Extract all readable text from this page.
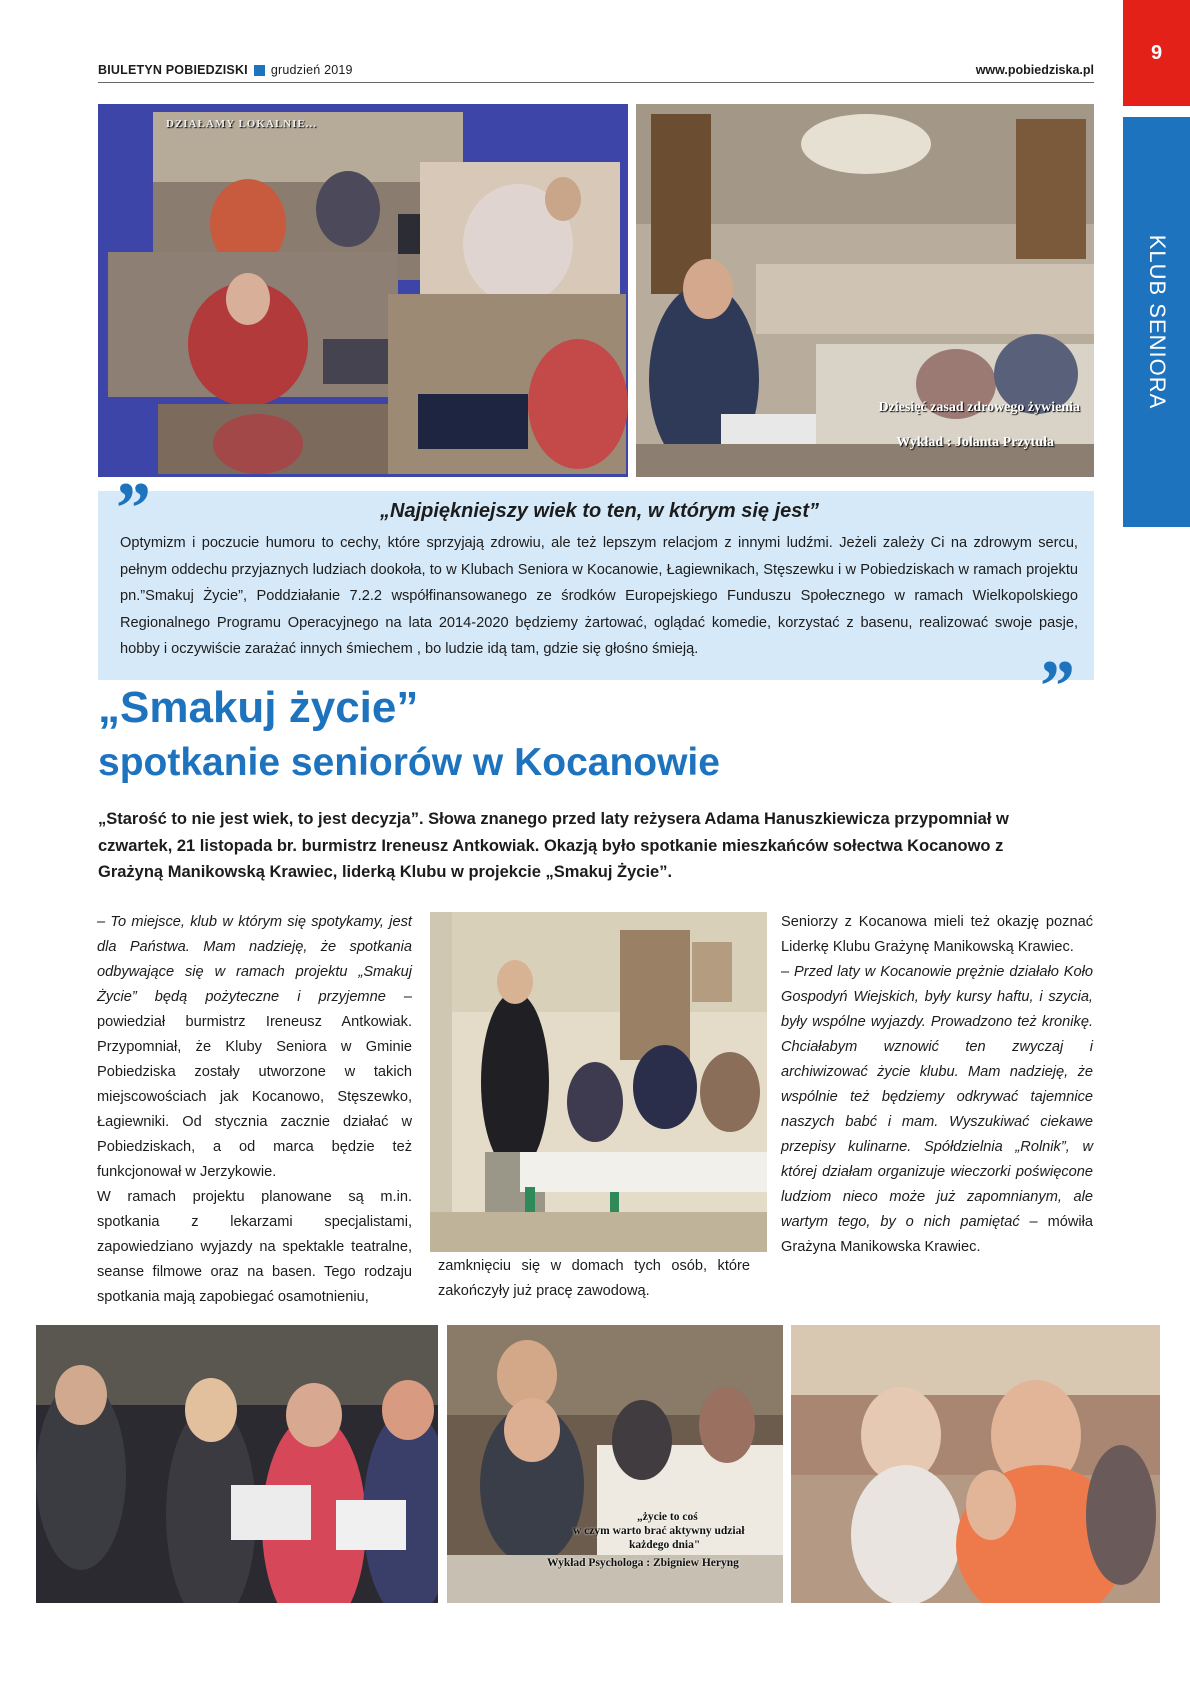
BIULETYN POBIEDZISKI grudzień 2019	www.pobiedziska.pl
9
KLUB SENIORA
DZIAŁAMY LOKALNIE...
Dziesięć zasad zdrowego żywienia
Wykład : Jolanta Przytuła
”
”
„Najpiękniejszy wiek to ten, w którym się jest”
Optymizm i poczucie humoru to cechy, które sprzyjają zdrowiu, ale też lepszym relacjom z innymi ludźmi. Jeżeli zależy Ci na zdrowym sercu, pełnym oddechu przyjaznych ludziach dookoła, to w Klubach Seniora w Kocanowie, Łagiewnikach, Stęszewku i w Pobiedziskach w ramach projektu pn.”Smakuj Życie”, Poddziałanie 7.2.2 współfinansowanego ze środków Europejskiego Funduszu Społecznego w ramach Wielkopolskiego Regionalnego Programu Operacyjnego na lata 2014-2020 będziemy żartować, oglądać komedie, korzystać z basenu, realizować swoje pasje, hobby i oczywiście zarażać innych śmiechem , bo ludzie idą tam, gdzie się głośno śmieją.
„Smakuj życie”
spotkanie seniorów w Kocanowie
„Starość to nie jest wiek, to jest decyzja”. Słowa znanego przed laty reżysera Adama Hanuszkiewicza przypomniał w czwartek, 21 listopada br. burmistrz Ireneusz Antkowiak. Okazją było spotkanie mieszkańców sołectwa Kocanowo z Grażyną Manikowską Krawiec, liderką Klubu w projekcie „Smakuj Życie”.

– To miejsce, klub w którym się spotykamy, jest dla Państwa. Mam nadzieję, że spotkania odbywające się w ramach projektu „Smakuj Życie” będą pożyteczne i przyjemne – powiedział burmistrz Ireneusz Antkowiak. Przypomniał, że Kluby Seniora w Gminie Pobiedziska zostały utworzone w takich miejscowościach jak Kocanowo, Stęszewko, Łagiewniki. Od stycznia zacznie działać w Pobiedziskach, a od marca będzie też funkcjonował w Jerzykowie.

W ramach projektu planowane są m.in. spotkania z lekarzami specjalistami, zapowiedziano wyjazdy na spektakle teatralne, seanse filmowe oraz na basen. Tego rodzaju spotkania mają zapobiegać osamotnieniu,

zamknięciu się w domach tych osób, które zakończyły już pracę zawodową.

Seniorzy z Kocanowa mieli też okazję poznać Liderkę Klubu Grażynę Manikowską Krawiec.

– Przed laty w Kocanowie prężnie działało Koło Gospodyń Wiejskich, były kursy haftu, i szycia, były wspólne wyjazdy. Prowadzono też kronikę. Chciałabym wznowić ten zwyczaj i archiwizować życie klubu. Mam nadzieję, że wspólnie też będziemy odkrywać tajemnice naszych babć i mam. Wyszukiwać ciekawe przepisy kulinarne. Spółdzielnia „Rolnik”, w której działam organizuje wieczorki poświęcone ludziom nieco może już zapomnianym, ale wartym tego, by o nich pamiętać – mówiła Grażyna Manikowska Krawiec.

„życie to coś
w czym warto brać aktywny udział
każdego dnia"
Wykład Psychologa : Zbigniew Heryng
